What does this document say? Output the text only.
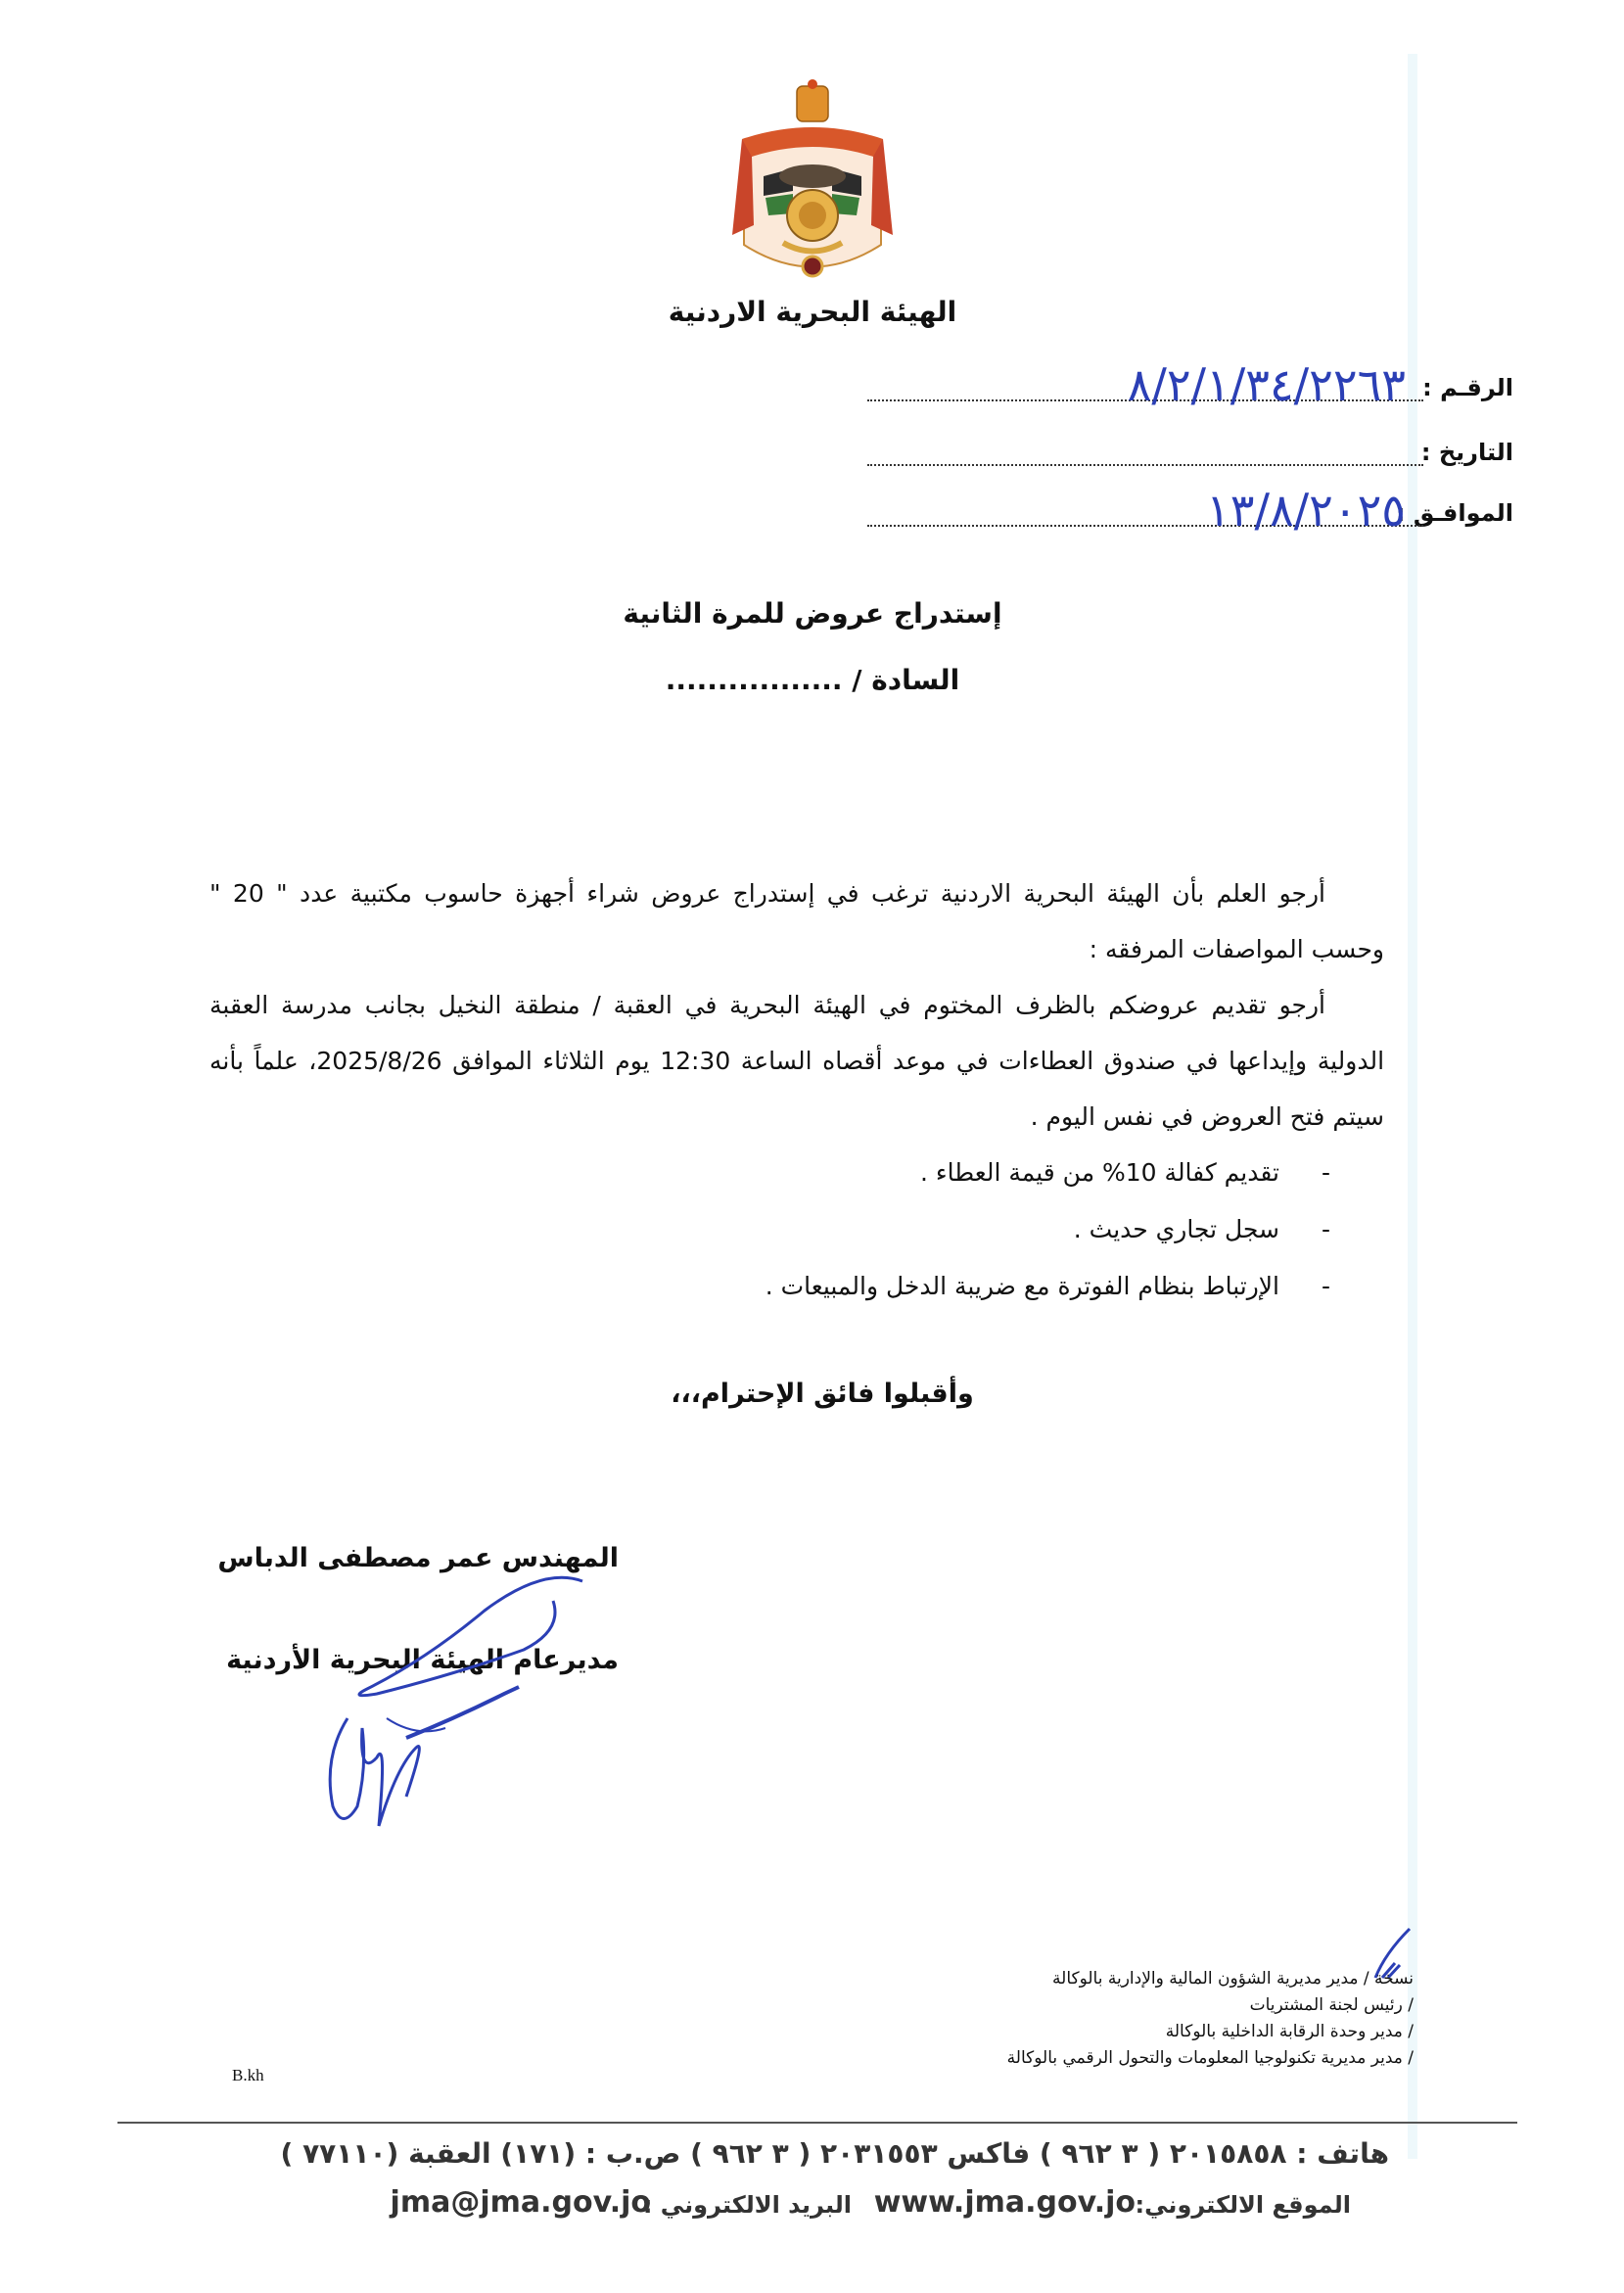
الهيئة البحرية الاردنية
الرقـم :
٨/٢/١/٣٤/٢٢٦٣
التاريخ :
الموافـق :
١٣/٨/٢٠٢٥
إستدراج عروض للمرة الثانية
السادة / .................

أرجو العلم بأن الهيئة البحرية الاردنية ترغب في إستدراج عروض شراء أجهزة حاسوب مكتبية عدد " 20 " وحسب المواصفات المرفقه :

أرجو تقديم عروضكم بالظرف المختوم في الهيئة البحرية في العقبة / منطقة النخيل بجانب مدرسة العقبة الدولية وإيداعها في صندوق العطاءات في موعد أقصاه الساعة 12:30 يوم الثلاثاء الموافق 2025/8/26، علماً بأنه سيتم فتح العروض في نفس اليوم .

-
تقديم كفالة 10% من قيمة العطاء .
-
سجل تجاري حديث .
-
الإرتباط بنظام الفوترة مع ضريبة الدخل والمبيعات .
وأقبلوا فائق الإحترام،،،
المهندس عمر مصطفى الدباس
مديرعام الهيئة البحرية الأردنية
نسخة / مدير مديرية الشؤون المالية والإدارية بالوكالة
/ رئيس لجنة المشتريات
/ مدير وحدة الرقابة الداخلية بالوكالة
/ مدير مديرية تكنولوجيا المعلومات والتحول الرقمي بالوكالة
B.kh
هاتف : ٢٠١٥٨٥٨ ( ٣ ٩٦٢ ) فاكس ٢٠٣١٥٥٣ ( ٣ ٩٦٢ ) ص.ب : (١٧١) العقبة (٧٧١١٠ )
الموقع الالكتروني:
www.jma.gov.jo
البريد الالكتروني :
jma@jma.gov.jo
